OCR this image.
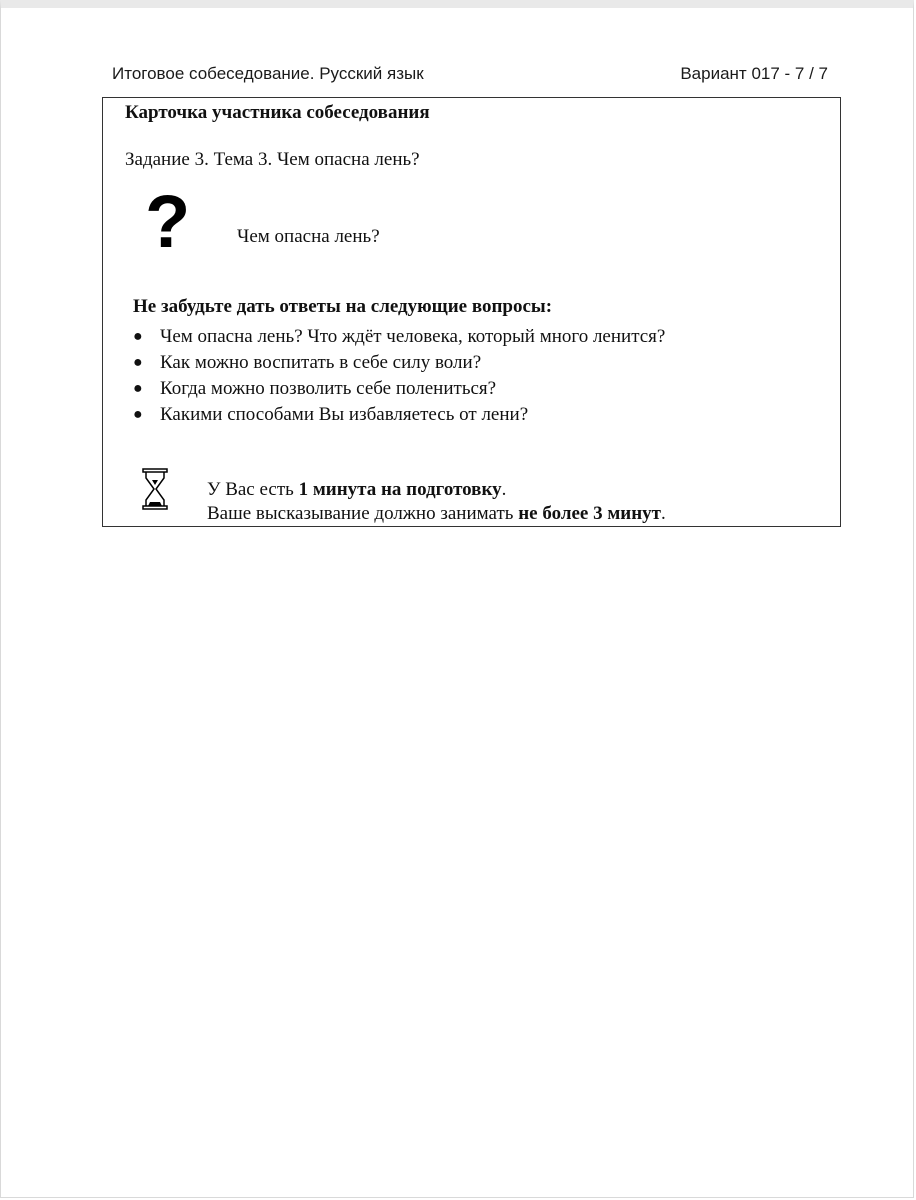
Итоговое собеседование. Русский язык	Вариант 017 - 7 / 7
Карточка участника собеседования
Задание 3. Тема 3. Чем опасна лень?
? Чем опасна лень?
Не забудьте дать ответы на следующие вопросы:
● Чем опасна лень? Что ждёт человека, который много ленится?
● Как можно воспитать в себе силу воли?
● Когда можно позволить себе полениться?
● Какими способами Вы избавляетесь от лени?
У Вас есть 1 минута на подготовку.
Ваше высказывание должно занимать не более 3 минут.
